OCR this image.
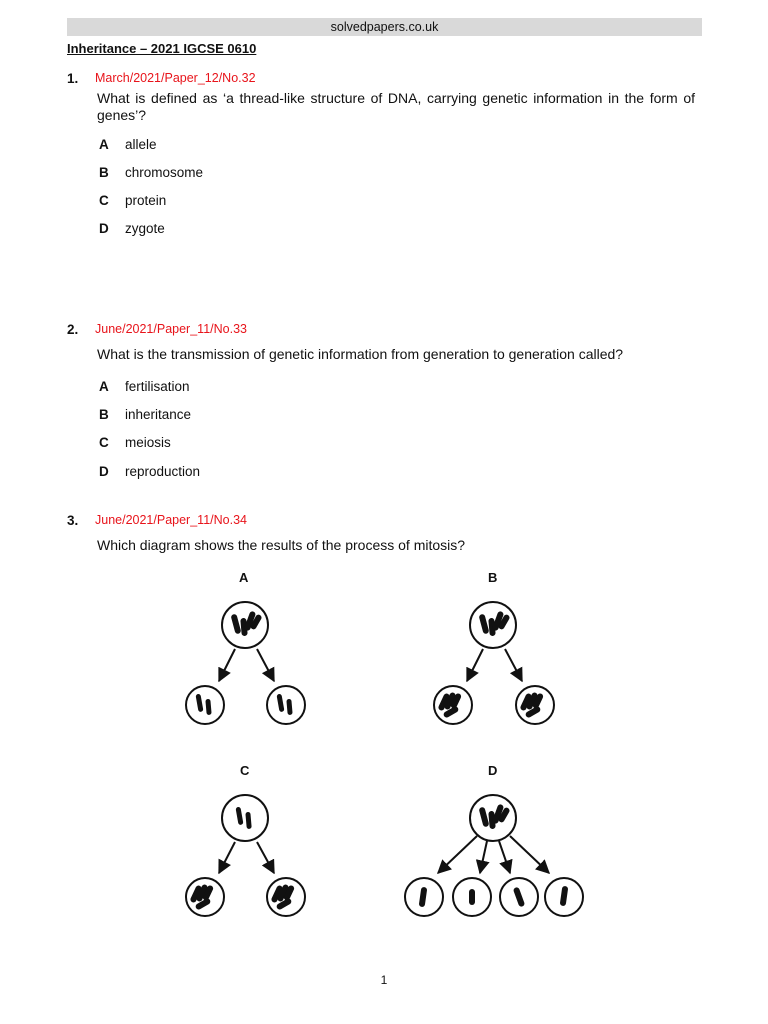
solvedpapers.co.uk
Inheritance – 2021 IGCSE 0610
1. March/2021/Paper_12/No.32
What is defined as ‘a thread-like structure of DNA, carrying genetic information in the form of genes’?
A allele
B chromosome
C protein
D zygote
2. June/2021/Paper_11/No.33
What is the transmission of genetic information from generation to generation called?
A fertilisation
B inheritance
C meiosis
D reproduction
3. June/2021/Paper_11/No.34
Which diagram shows the results of the process of mitosis?
A	B
C	D
1
